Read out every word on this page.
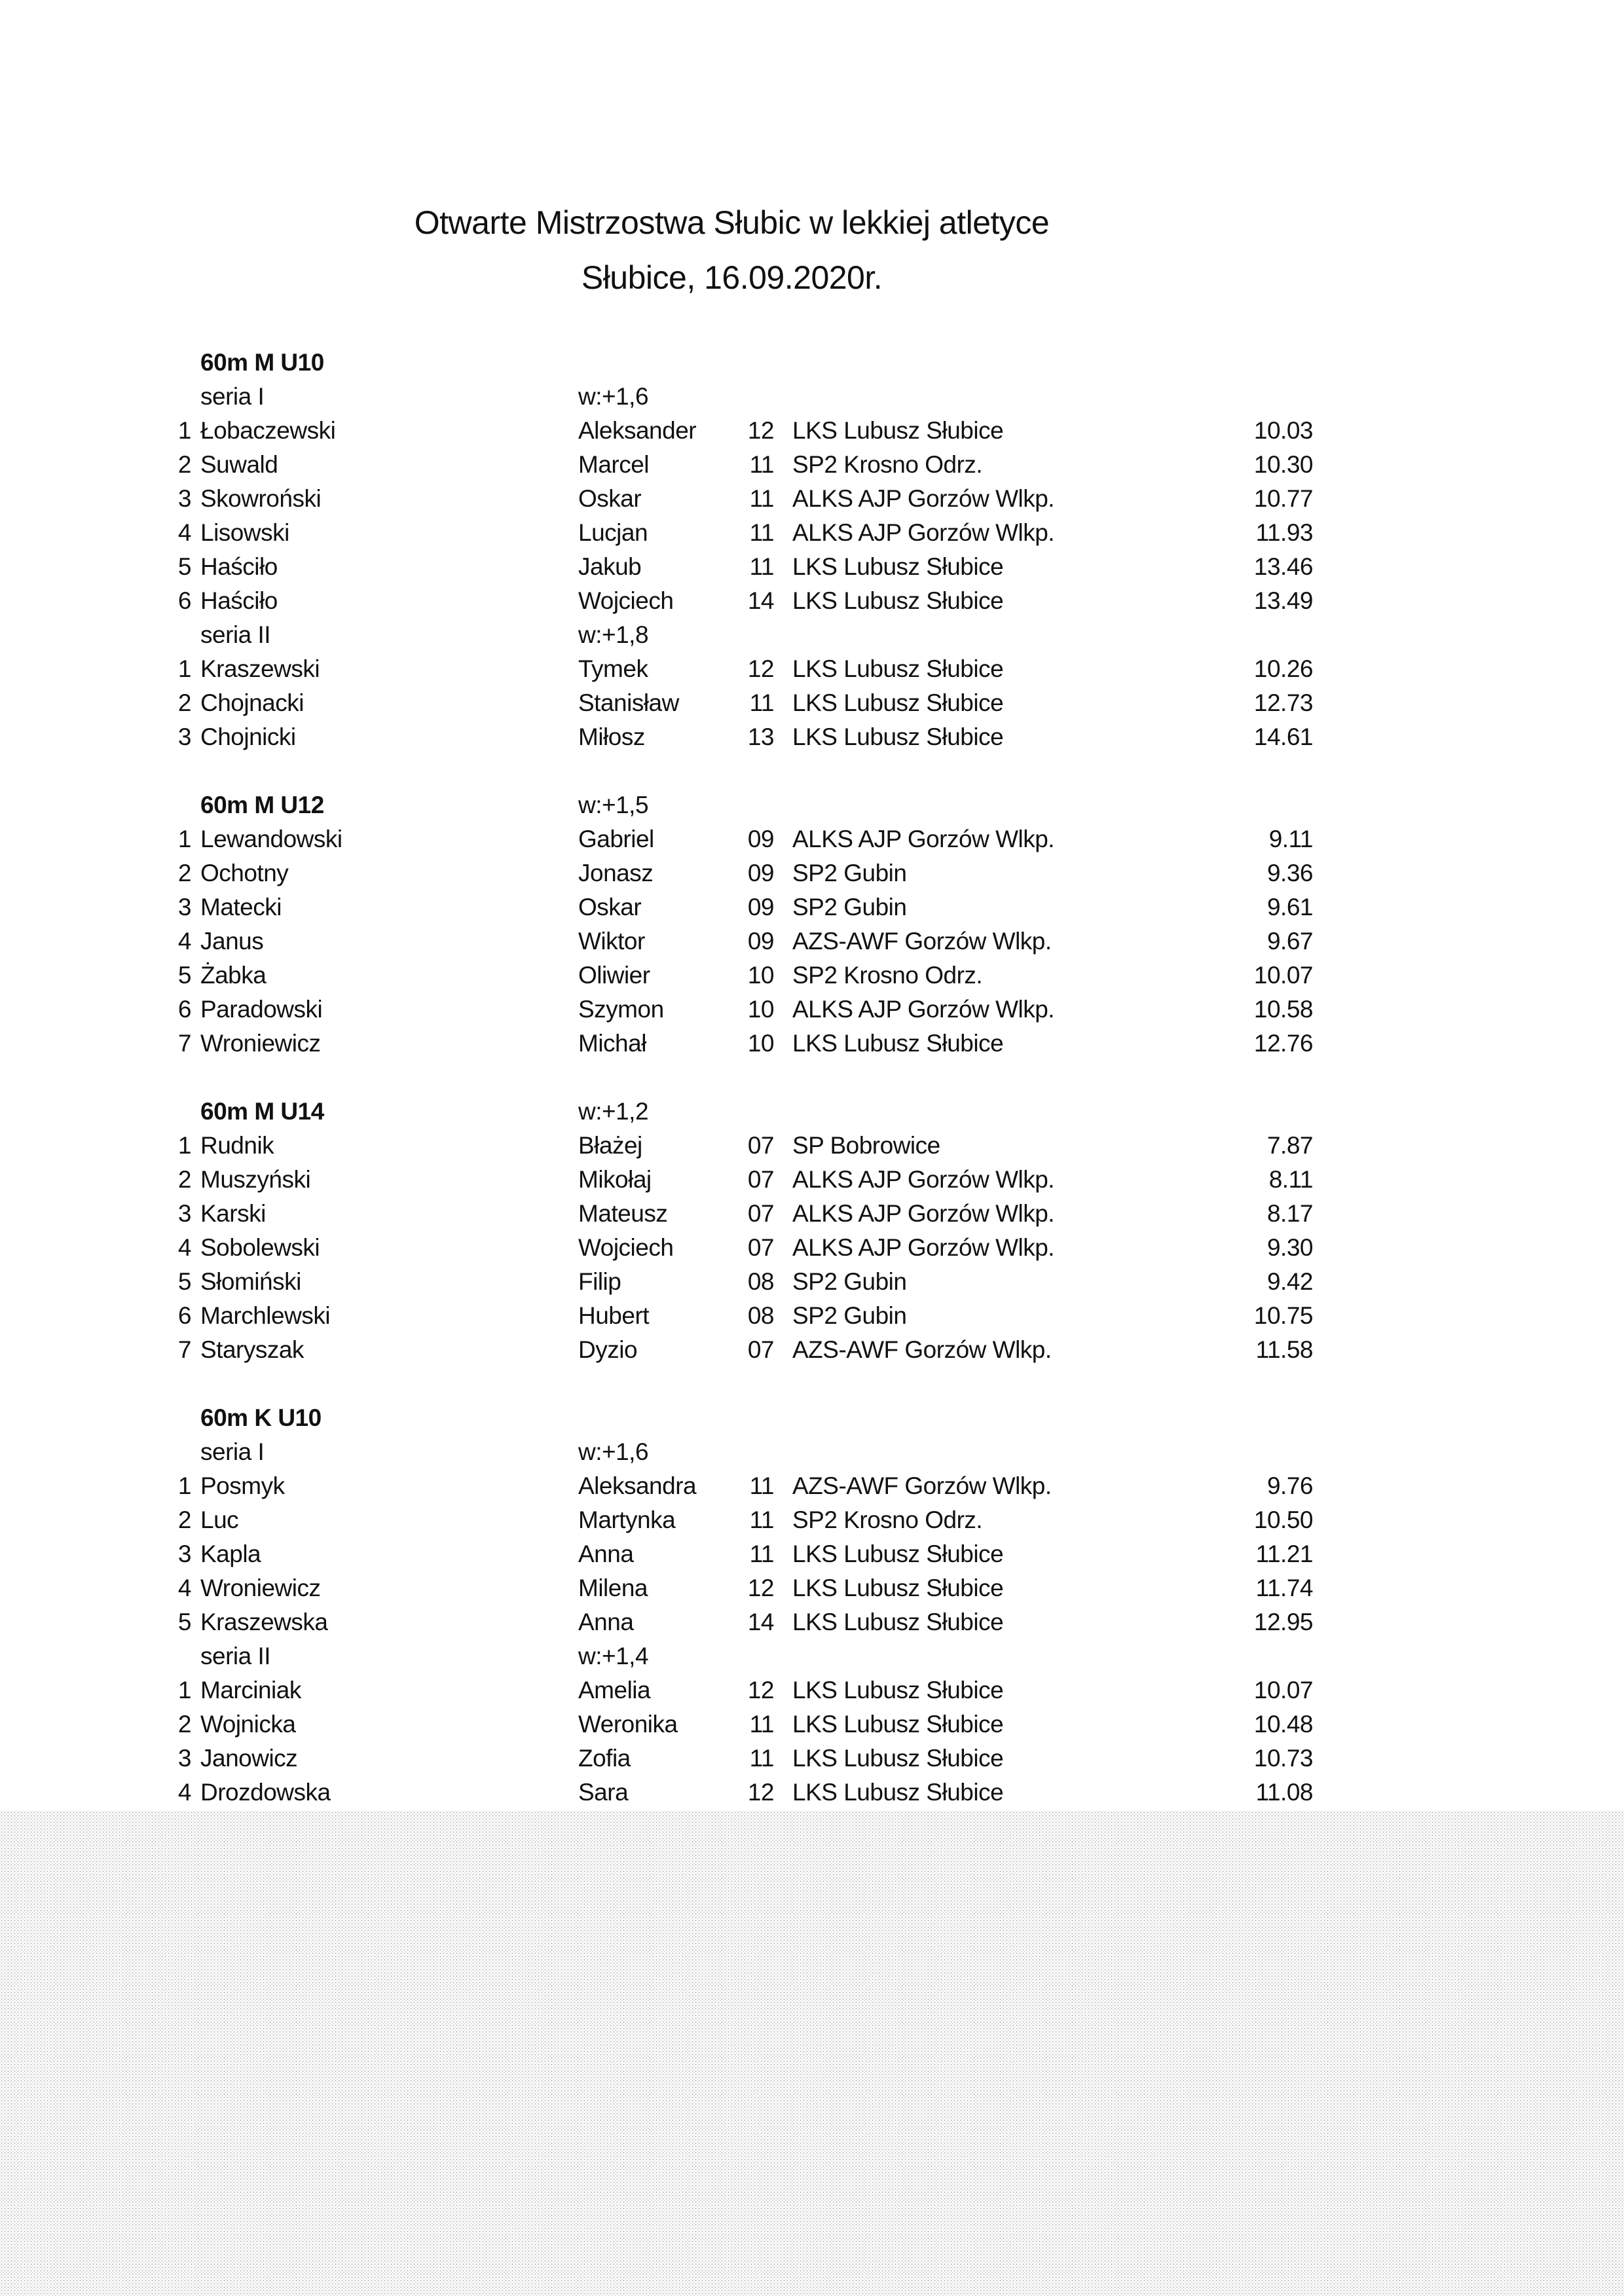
Otwarte Mistrzostwa Słubic w lekkiej atletyce
Słubice, 16.09.2020r.
60m M U10
seria I	w:+1,6
1 Łobaczewski	Aleksander	12 LKS Lubusz Słubice	10.03
2 Suwald	Marcel	11 SP2 Krosno Odrz.	10.30
3 Skowroński	Oskar	11 ALKS AJP Gorzów Wlkp.	10.77
4 Lisowski	Lucjan	11 ALKS AJP Gorzów Wlkp.	11.93
5 Haściło	Jakub	11 LKS Lubusz Słubice	13.46
6 Haściło	Wojciech	14 LKS Lubusz Słubice	13.49
seria II	w:+1,8
1 Kraszewski	Tymek	12 LKS Lubusz Słubice	10.26
2 Chojnacki	Stanisław	11 LKS Lubusz Słubice	12.73
3 Chojnicki	Miłosz	13 LKS Lubusz Słubice	14.61
60m M U12	w:+1,5
1 Lewandowski	Gabriel	09 ALKS AJP Gorzów Wlkp.	9.11
2 Ochotny	Jonasz	09 SP2 Gubin	9.36
3 Matecki	Oskar	09 SP2 Gubin	9.61
4 Janus	Wiktor	09 AZS-AWF Gorzów Wlkp.	9.67
5 Żabka	Oliwier	10 SP2 Krosno Odrz.	10.07
6 Paradowski	Szymon	10 ALKS AJP Gorzów Wlkp.	10.58
7 Wroniewicz	Michał	10 LKS Lubusz Słubice	12.76
60m M U14	w:+1,2
1 Rudnik	Błażej	07 SP Bobrowice	7.87
2 Muszyński	Mikołaj	07 ALKS AJP Gorzów Wlkp.	8.11
3 Karski	Mateusz	07 ALKS AJP Gorzów Wlkp.	8.17
4 Sobolewski	Wojciech	07 ALKS AJP Gorzów Wlkp.	9.30
5 Słomiński	Filip	08 SP2 Gubin	9.42
6 Marchlewski	Hubert	08 SP2 Gubin	10.75
7 Staryszak	Dyzio	07 AZS-AWF Gorzów Wlkp.	11.58
60m K U10
seria I	w:+1,6
1 Posmyk	Aleksandra	11 AZS-AWF Gorzów Wlkp.	9.76
2 Luc	Martynka	11 SP2 Krosno Odrz.	10.50
3 Kapla	Anna	11 LKS Lubusz Słubice	11.21
4 Wroniewicz	Milena	12 LKS Lubusz Słubice	11.74
5 Kraszewska	Anna	14 LKS Lubusz Słubice	12.95
seria II	w:+1,4
1 Marciniak	Amelia	12 LKS Lubusz Słubice	10.07
2 Wojnicka	Weronika	11 LKS Lubusz Słubice	10.48
3 Janowicz	Zofia	11 LKS Lubusz Słubice	10.73
4 Drozdowska	Sara	12 LKS Lubusz Słubice	11.08
